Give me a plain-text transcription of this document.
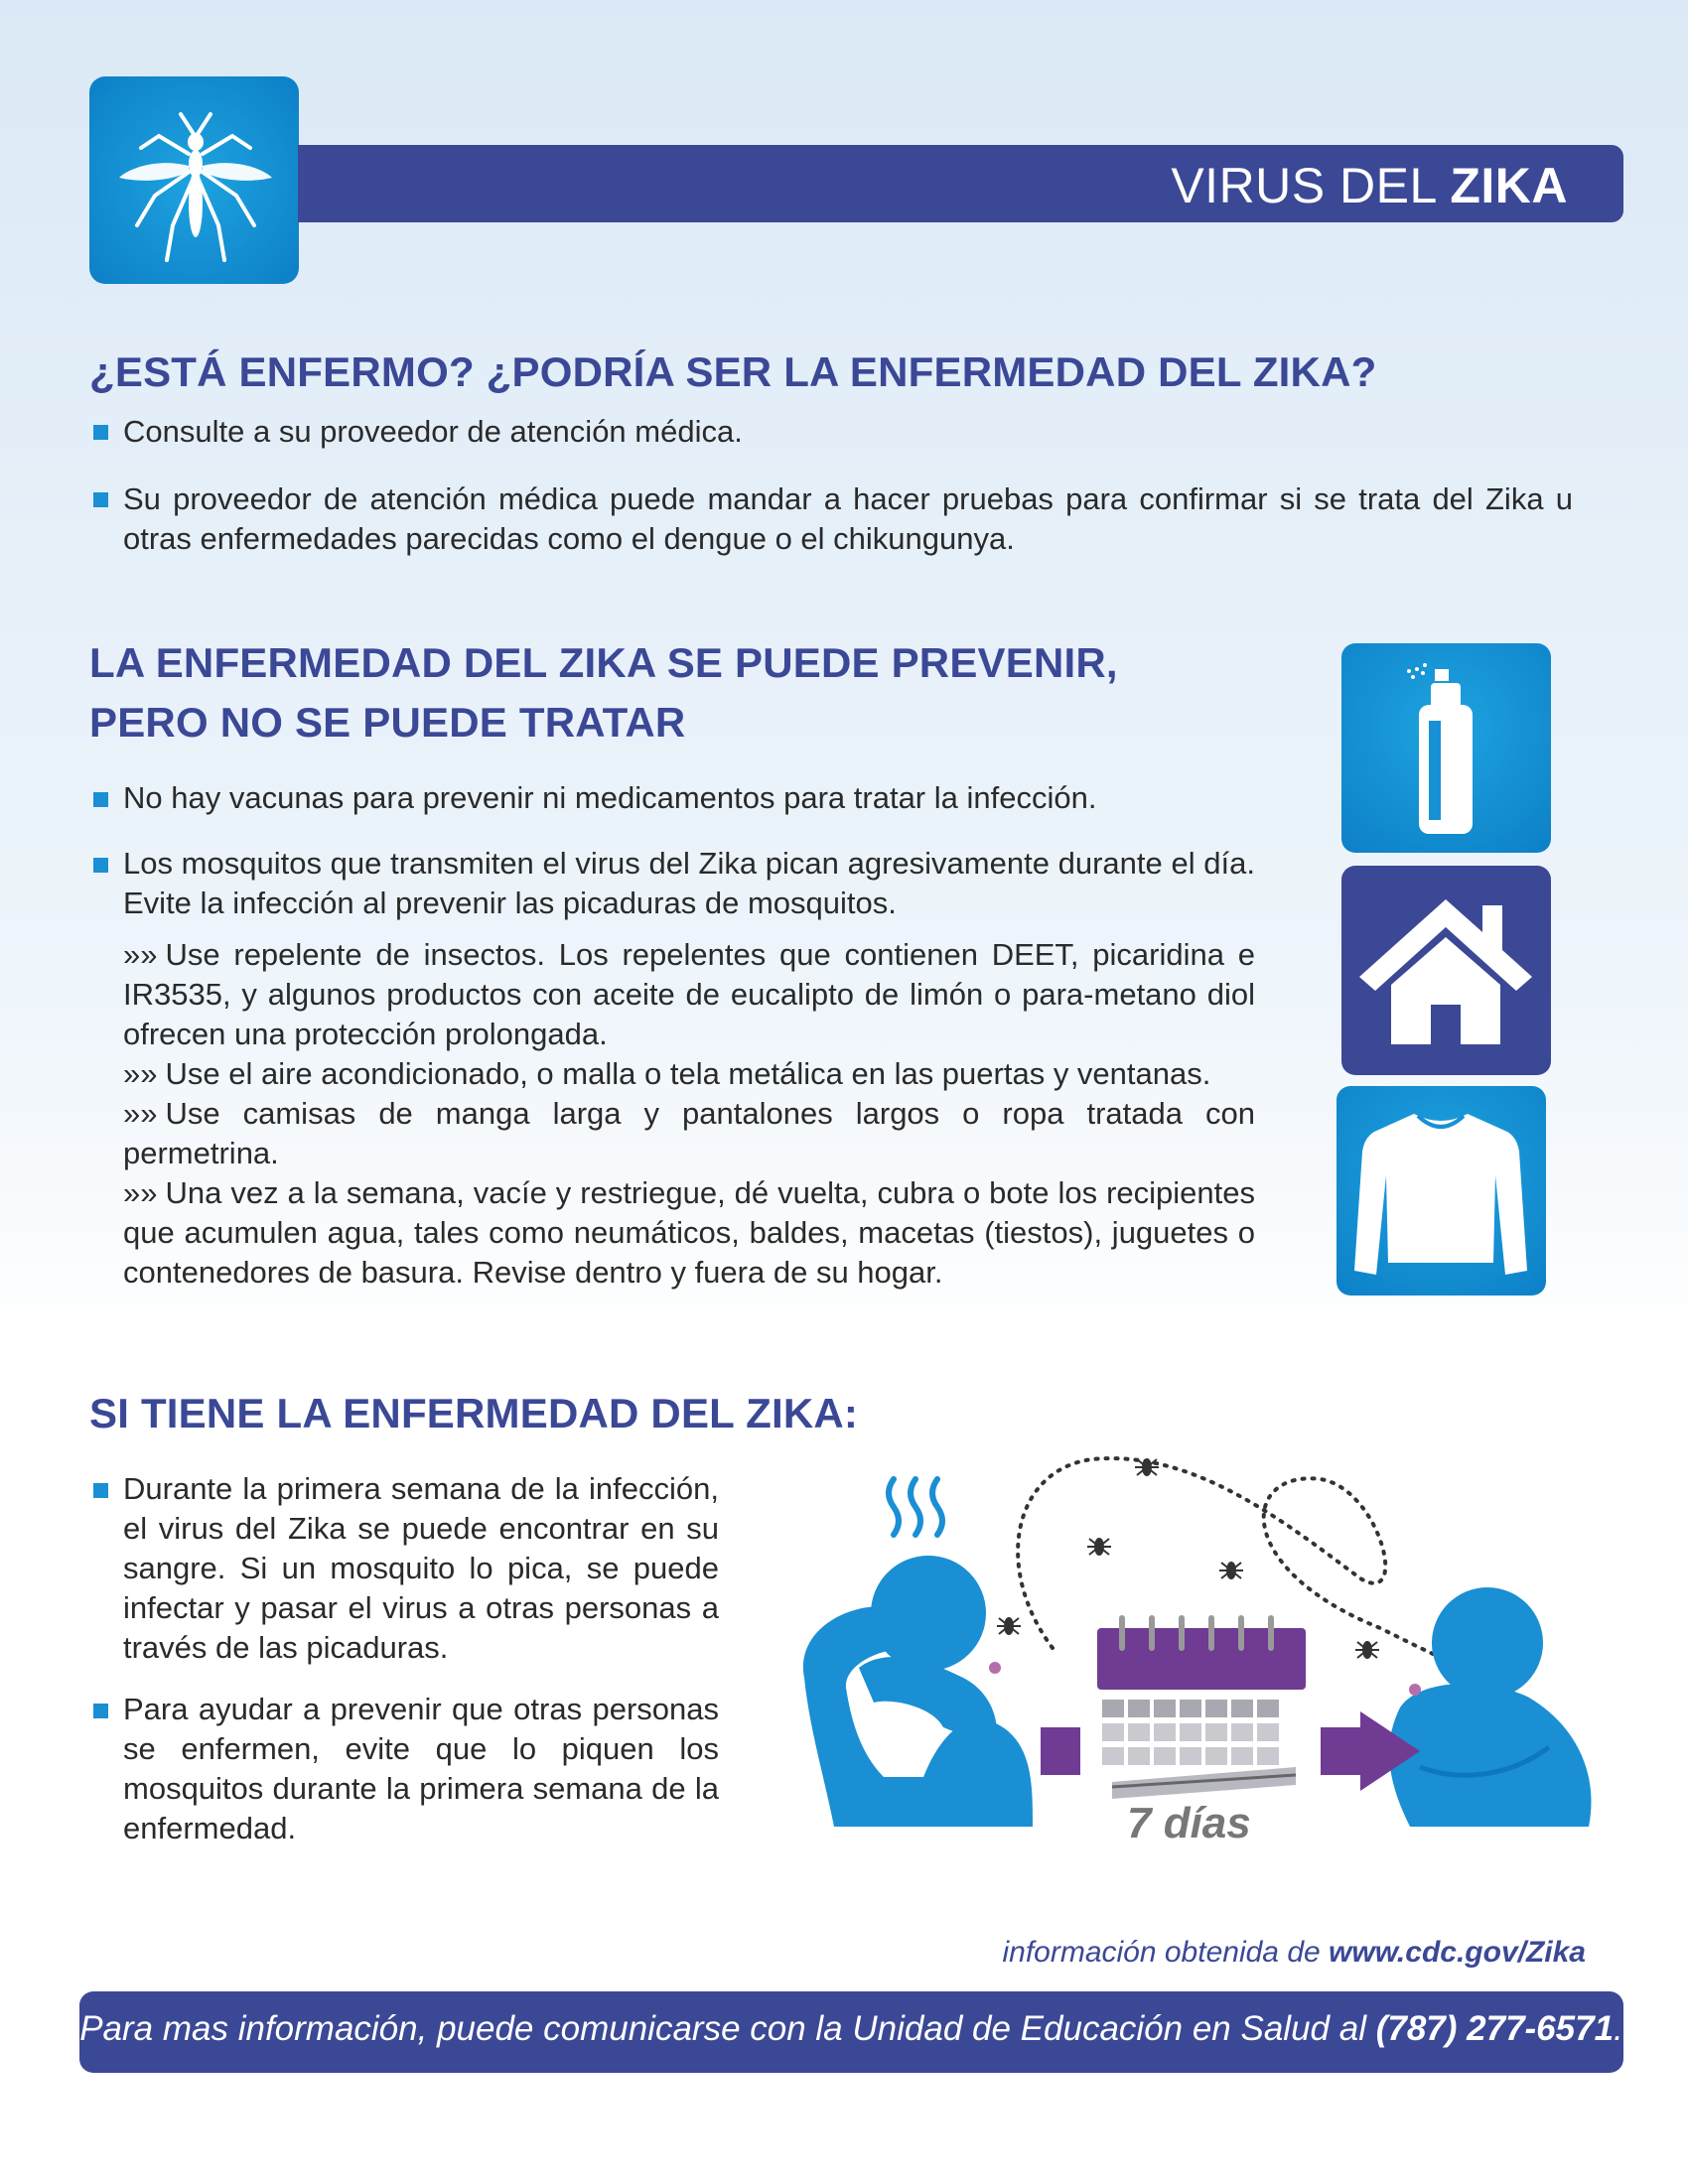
VIRUS DEL ZIKA
¿ESTÁ ENFERMO? ¿PODRÍA SER LA ENFERMEDAD DEL ZIKA?
Consulte a su proveedor de atención médica.
Su proveedor de atención médica puede mandar a hacer pruebas para confirmar si se trata del Zika u otras enfermedades parecidas como el dengue o el chikungunya.
LA ENFERMEDAD DEL ZIKA SE PUEDE PREVENIR,
PERO NO SE PUEDE TRATAR
No hay vacunas para prevenir ni medicamentos para tratar la infección.
Los mosquitos que transmiten el virus del Zika pican agresivamente durante el día. Evite la infección al prevenir las picaduras de mosquitos.
»» Use repelente de insectos. Los repelentes que contienen DEET, picaridina e IR3535, y algunos productos con aceite de eucalipto de limón o para-metano diol ofrecen una protección prolongada.
»» Use el aire acondicionado, o malla o tela metálica en las puertas y ventanas.
»» Use camisas de manga larga y pantalones largos o ropa tratada con permetrina.
»» Una vez a la semana, vacíe y restriegue, dé vuelta, cubra o bote los recipientes que acumulen agua, tales como neumáticos, baldes, macetas (tiestos), juguetes o contenedores de basura. Revise dentro y fuera de su hogar.
SI TIENE LA ENFERMEDAD DEL ZIKA:
Durante la primera semana de la infección, el virus del Zika se puede encontrar en su sangre. Si un mosquito lo pica, se puede infectar y pasar el virus a otras personas a través de las picaduras.
Para ayudar a prevenir que otras personas se enfermen, evite que lo piquen los mosquitos durante la primera semana de la enfermedad.	7 días
información obtenida de www.cdc.gov/Zika
Para mas información, puede comunicarse con la Unidad de Educación en Salud al (787) 277-6571.
